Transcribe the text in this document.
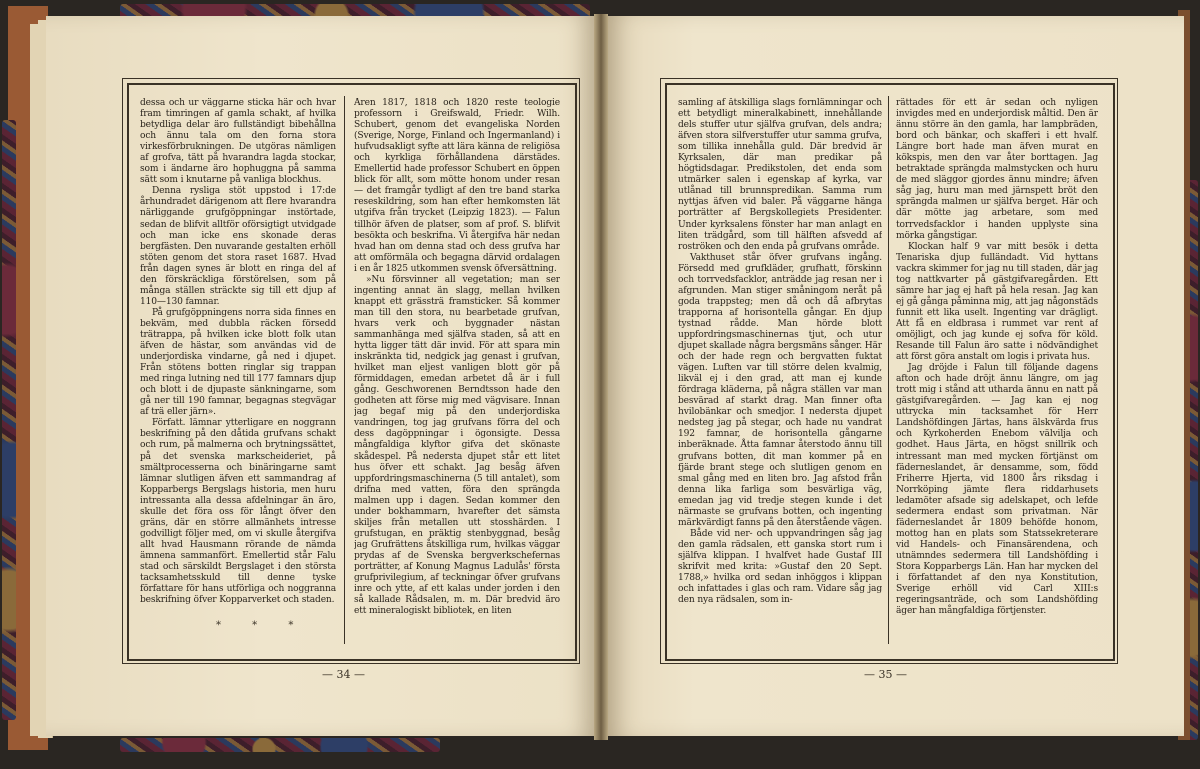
dessa och ur väggarne sticka här och hvar fram timringen af gamla schakt, af hvilka betydliga delar äro fullständigt bibehållna och ännu tala om den forna stora virkesförbrukningen. De utgöras nämligen af grofva, tätt på hvarandra lagda stockar, som i ändarne äro hophuggna på samma sätt som i knutarne på vanliga blockhus.

Denna rysliga stöt uppstod i 17:de århundradet därigenom att flere hvarandra närliggande grufgöppningar instörtade, sedan de blifvit alltför oförsigtigt utvidgade och man icke ens skonade deras bergfästen. Den nuvarande gestalten erhöll stöten genom det stora raset 1687. Hvad från dagen synes är blott en ringa del af den förskräckliga förstörelsen, som på många ställen sträckte sig till ett djup af 110—130 famnar.

På grufgöppningens norra sida finnes en bekväm, med dubbla räcken försedd trätrappa, på hvilken icke blott folk utan äfven de hästar, som användas vid de underjordiska vindarne, gå ned i djupet. Från stötens botten ringlar sig trappan med ringa lutning ned till 177 famnars djup och blott i de djupaste sänkningarne, som gå ner till 190 famnar, begagnas stegvägar af trä eller järn».

Författ. lämnar ytterligare en noggrann beskrifning på den dåtida grufvans schakt och rum, på malmerna och brytningssättet, på det svenska markscheideriet, på smältprocesserna och binäringarne samt lämnar slutligen äfven ett sammandrag af Kopparbergs Bergslags historia, men huru intressanta alla dessa afdelningar än äro, skulle det föra oss för långt öfver den gräns, där en större allmänhets intresse godvilligt följer med, om vi skulle återgifva allt hvad Hausmann rörande de nämda ämnena sammanfört. Emellertid står Falu stad och särskildt Bergslaget i den största tacksamhetsskuld till denne tyske författare för hans utförliga och noggranna beskrifning öfver Kopparverket och staden.

* * *

Åren 1817, 1818 och 1820 reste teologie professorn i Greifswald, Friedr. Wilh. Schubert, genom det evangeliska Norden (Sverige, Norge, Finland och Ingermanland) i hufvudsakligt syfte att lära känna de religiösa och kyrkliga förhållandena därstädes. Emellertid hade professor Schubert en öppen blick för allt, som mötte honom under resan — det framgår tydligt af den tre band starka reseskildring, som han efter hemkomsten lät utgifva från trycket (Leipzig 1823). — Falun tillhör äfven de platser, som af prof. S. blifvit besökta och beskrifna. Vi återgifva här nedan hvad han om denna stad och dess grufva har att omförmäla och begagna därvid ordalagen i en år 1825 utkommen svensk öfversättning.

»Nu försvinner all vegetation; man ser ingenting annat än slagg, mellan hvilken knappt ett grässträ framsticker. Så kommer man till den stora, nu bearbetade grufvan, hvars verk och byggnader nästan sammanhänga med själfva staden, så att en hytta ligger tätt där invid. För att spara min inskränkta tid, nedgick jag genast i grufvan, hvilket man eljest vanligen blott gör på förmiddagen, emedan arbetet då är i full gång. Geschworenen Berndtsson hade den godheten att förse mig med vägvisare. Innan jag begaf mig på den underjordiska vandringen, tog jag grufvans förra del och dess dagöppningar i ögonsigte. Dessa mångfaldiga klyftor gifva det skönaste skådespel. På nedersta djupet står ett litet hus öfver ett schakt. Jag besåg äfven uppfordringsmaschinerna (5 till antalet), som drifna med vatten, föra den sprängda malmen upp i dagen. Sedan kommer den under bokhammarn, hvarefter det sämsta skiljes från metallen utt stosshärden. I grufstugan, en präktig stenbyggnad, besåg jag Grufrättens åtskilliga rum, hvilkas väggar prydas af de Svenska bergverkschefernas porträtter, af Konung Magnus Ladulås' första grufprivilegium, af teckningar öfver grufvans inre och ytte, af ett kalas under jorden i den så kallade Rådsalen, m. m. Där bredvid äro ett mineralogiskt bibliotek, en liten

— 34 —

samling af åtskilliga slags fornlämningar och ett betydligt mineralkabinett, innehållande dels stuffer utur själfva grufvan, dels andra; äfven stora silfverstuffer utur samma grufva, som tillika innehålla guld. Där bredvid är Kyrksalen, där man predikar på högtidsdagar. Predikstolen, det enda som utmärker salen i egenskap af kyrka, var utlånad till brunnspredikan. Samma rum nyttjas äfven vid baler. På väggarne hänga porträtter af Bergskollegiets Presidenter. Under kyrksalens fönster har man anlagt en liten trädgård, som till hälften afsvedd af roströken och den enda på grufvans område.

Vakthuset står öfver grufvans ingång. Försedd med grufkläder, grufhatt, förskinn och torrvedsfacklor, anträdde jag resan ner i afgrunden. Man stiger småningom neråt på goda trappsteg; men då och då afbrytas trapporna af horisontella gångar. En djup tystnad rådde. Man hörde blott uppfordringsmaschinernas tjut, och utur djupet skallade några bergsmäns sånger. Här och der hade regn och bergvatten fuktat vägen. Luften var till större delen kvalmig, likväl ej i den grad, att man ej kunde fördraga kläderna, på några ställen var man besvärad af starkt drag. Man finner ofta hvilobänkar och smedjor. I nedersta djupet nedsteg jag på stegar, och hade nu vandrat 192 famnar, de horisontella gångarne inberäknade. Åtta famnar återstodo ännu till grufvans botten, dit man kommer på en fjärde brant stege och slutligen genom en smal gång med en liten bro. Jag afstod från denna lika farliga som besvärliga väg, emedan jag vid tredje stegen kunde i det närmaste se grufvans botten, och ingenting märkvärdigt fanns på den återstående vägen.

Både vid ner- och uppvandringen såg jag den gamla rädsalen, ett ganska stort rum i själfva klippan. I hvalfvet hade Gustaf III skrifvit med krita: »Gustaf den 20 Sept. 1788,» hvilka ord sedan inhöggos i klippan och infattades i glas och ram. Vidare såg jag den nya rädsalen, som in-

rättades för ett år sedan och nyligen invigdes med en underjordisk måltid. Den är ännu större än den gamla, har lampbräden, bord och bänkar, och skafferi i ett hvalf. Längre bort hade man äfven murat en kökspis, men den var åter borttagen. Jag betraktade sprängda malmstycken och huru de med släggor gjordes ännu mindre; äfven såg jag, huru man med järnspett bröt den sprängda malmen ur själfva berget. Här och där mötte jag arbetare, som med torrvedsfacklor i handen upplyste sina mörka gångstigar.

Klockan half 9 var mitt besök i detta Tenariska djup fulländadt. Vid hyttans vackra skimmer for jag nu till staden, där jag tog nattkvarter på gästgifvaregården. Ett sämre har jag ej haft på hela resan. Jag kan ej gå gånga påminna mig, att jag någonstäds funnit ett lika uselt. Ingenting var drägligt. Att få en eldbrasa i rummet var rent af omöjligt, och jag kunde ej sofva för köld. Resande till Falun äro satte i nödvändighet att först göra anstalt om logis i privata hus.

Jag dröjde i Falun till följande dagens afton och hade dröjt ännu längre, om jag trott mig i stånd att utharda ännu en natt på gästgifvaregården. — Jag kan ej nog uttrycka min tacksamhet för Herr Landshöfdingen Järtas, hans älskvärda frus och Kyrkoherden Enebom välvilja och godhet. Haus Järta, en högst snillrik och intressant man med mycken förtjänst om fäderneslandet, är densamme, som, född Friherre Hjerta, vid 1800 års riksdag i Norrköping jämte flera riddarhusets ledamöter afsade sig adelskapet, och lefde sedermera endast som privatman. När fäderneslandet år 1809 behöfde honom, mottog han en plats som Statssekreterare vid Handels- och Finansärendena, och utnämndes sedermera till Landshöfding i Stora Kopparbergs Län. Han har mycken del i författandet af den nya Konstitution, Sverige erhöll vid Carl XIII:s regeringsanträde, och som Landshöfding äger han mångfaldiga förtjenster.

— 35 —
